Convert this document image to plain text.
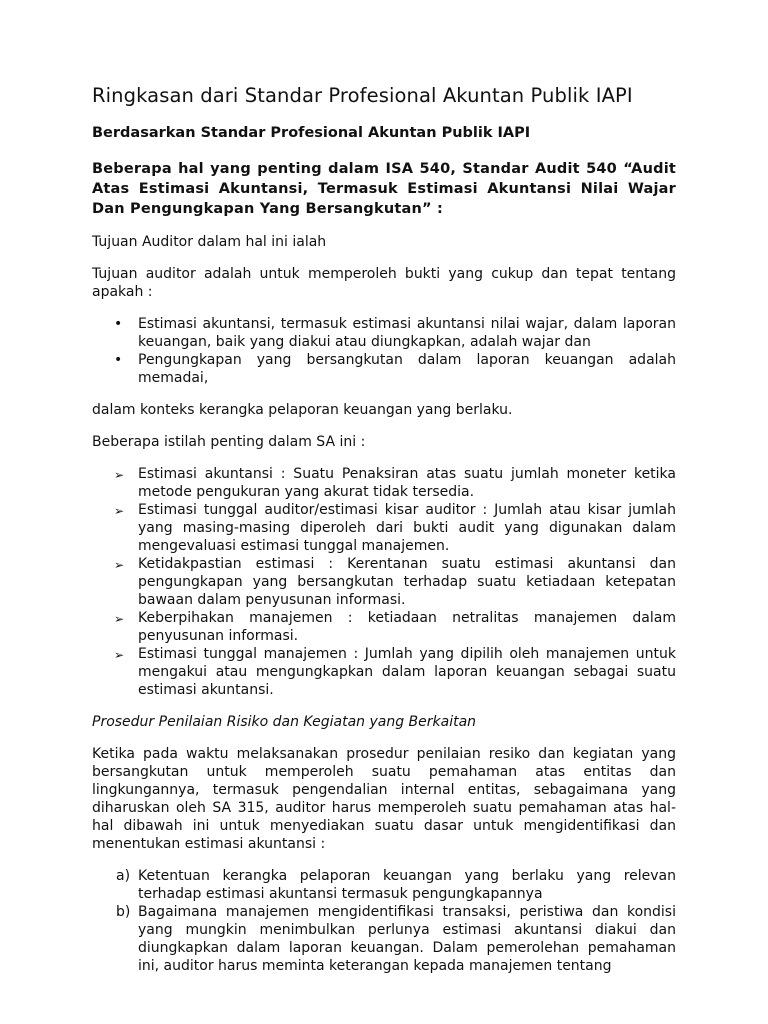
Ringkasan dari Standar Profesional Akuntan Publik IAPI
Berdasarkan Standar Profesional Akuntan Publik IAPI
Beberapa hal yang penting dalam ISA 540, Standar Audit 540 “Audit Atas Estimasi Akuntansi, Termasuk Estimasi Akuntansi Nilai Wajar Dan Pengungkapan Yang Bersangkutan” :

Tujuan Auditor dalam hal ini ialah

Tujuan auditor adalah untuk memperoleh bukti yang cukup dan tepat tentang apakah :

•	Estimasi akuntansi, termasuk estimasi akuntansi nilai wajar, dalam laporan keuangan, baik yang diakui atau diungkapkan, adalah wajar dan
•	Pengungkapan yang bersangkutan dalam laporan keuangan adalah memadai,

dalam konteks kerangka pelaporan keuangan yang berlaku.

Beberapa istilah penting dalam SA ini :

➢ Estimasi akuntansi : Suatu Penaksiran atas suatu jumlah moneter ketika metode pengukuran yang akurat tidak tersedia.
➢ Estimasi tunggal auditor/estimasi kisar auditor : Jumlah atau kisar jumlah yang masing-masing diperoleh dari bukti audit yang digunakan dalam mengevaluasi estimasi tunggal manajemen.
➢ Ketidakpastian estimasi : Kerentanan suatu estimasi akuntansi dan pengungkapan yang bersangkutan terhadap suatu ketiadaan ketepatan bawaan dalam penyusunan informasi.
➢ Keberpihakan manajemen : ketiadaan netralitas manajemen dalam penyusunan informasi.
➢ Estimasi tunggal manajemen : Jumlah yang dipilih oleh manajemen untuk mengakui atau mengungkapkan dalam laporan keuangan sebagai suatu estimasi akuntansi.

Prosedur Penilaian Risiko dan Kegiatan yang Berkaitan

Ketika pada waktu melaksanakan prosedur penilaian resiko dan kegiatan yang bersangkutan untuk memperoleh suatu pemahaman atas entitas dan lingkungannya, termasuk pengendalian internal entitas, sebagaimana yang diharuskan oleh SA 315, auditor harus memperoleh suatu pemahaman atas hal-hal dibawah ini untuk menyediakan suatu dasar untuk mengidentifikasi dan menentukan estimasi akuntansi :

a) Ketentuan kerangka pelaporan keuangan yang berlaku yang relevan terhadap estimasi akuntansi termasuk pengungkapannya
b) Bagaimana manajemen mengidentifikasi transaksi, peristiwa dan kondisi yang mungkin menimbulkan perlunya estimasi akuntansi diakui dan diungkapkan dalam laporan keuangan. Dalam pemerolehan pemahaman ini, auditor harus meminta keterangan kepada manajemen tentang
